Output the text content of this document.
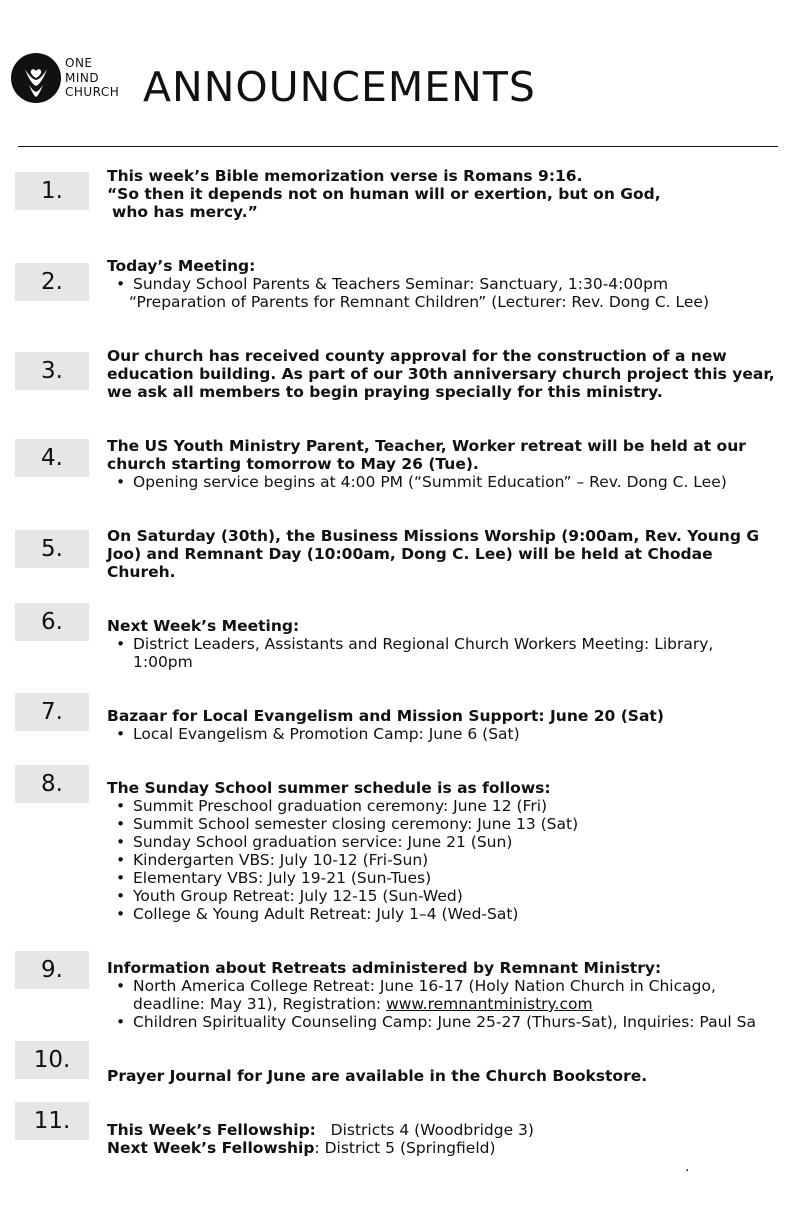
ONE
MIND
CHURCH ANNOUNCEMENTS
1.
This week’s Bible memorization verse is Romans 9:16.
“So then it depends not on human will or exertion, but on God,
who has mercy.”
2.
Today’s Meeting:
• Sunday School Parents & Teachers Seminar: Sanctuary, 1:30-4:00pm
“Preparation of Parents for Remnant Children” (Lecturer: Rev. Dong C. Lee)
3.
Our church has received county approval for the construction of a new education building. As part of our 30th anniversary church project this year, we ask all members to begin praying specially for this ministry.
4.	The US Youth Ministry Parent, Teacher, Worker retreat will be held at our church starting tomorrow to May 26 (Tue).
• Opening service begins at 4:00 PM (“Summit Education” – Rev. Dong C. Lee)
5.	On Saturday (30th), the Business Missions Worship (9:00am, Rev. Young G Joo) and Remnant Day (10:00am, Dong C. Lee) will be held at Chodae Chureh.
6.	Next Week’s Meeting:
• District Leaders, Assistants and Regional Church Workers Meeting: Library, 1:00pm
7.	Bazaar for Local Evangelism and Mission Support: June 20 (Sat)
• Local Evangelism & Promotion Camp: June 6 (Sat)
8.	The Sunday School summer schedule is as follows:
• Summit Preschool graduation ceremony: June 12 (Fri)
• Summit School semester closing ceremony: June 13 (Sat)
• Sunday School graduation service: June 21 (Sun)
• Kindergarten VBS: July 10-12 (Fri-Sun)
• Elementary VBS: July 19-21 (Sun-Tues)
• Youth Group Retreat: July 12-15 (Sun-Wed)
• College & Young Adult Retreat: July 1–4 (Wed-Sat)
9.	Information about Retreats administered by Remnant Ministry:
• North America College Retreat: June 16-17 (Holy Nation Church in Chicago, deadline: May 31), Registration: www.remnantministry.com
• Children Spirituality Counseling Camp: June 25-27 (Thurs-Sat), Inquiries: Paul Sa
10.
Prayer Journal for June are available in the Church Bookstore.
11.	This Week’s Fellowship: Districts 4 (Woodbridge 3)
Next Week’s Fellowship: District 5 (Springfield)
.
